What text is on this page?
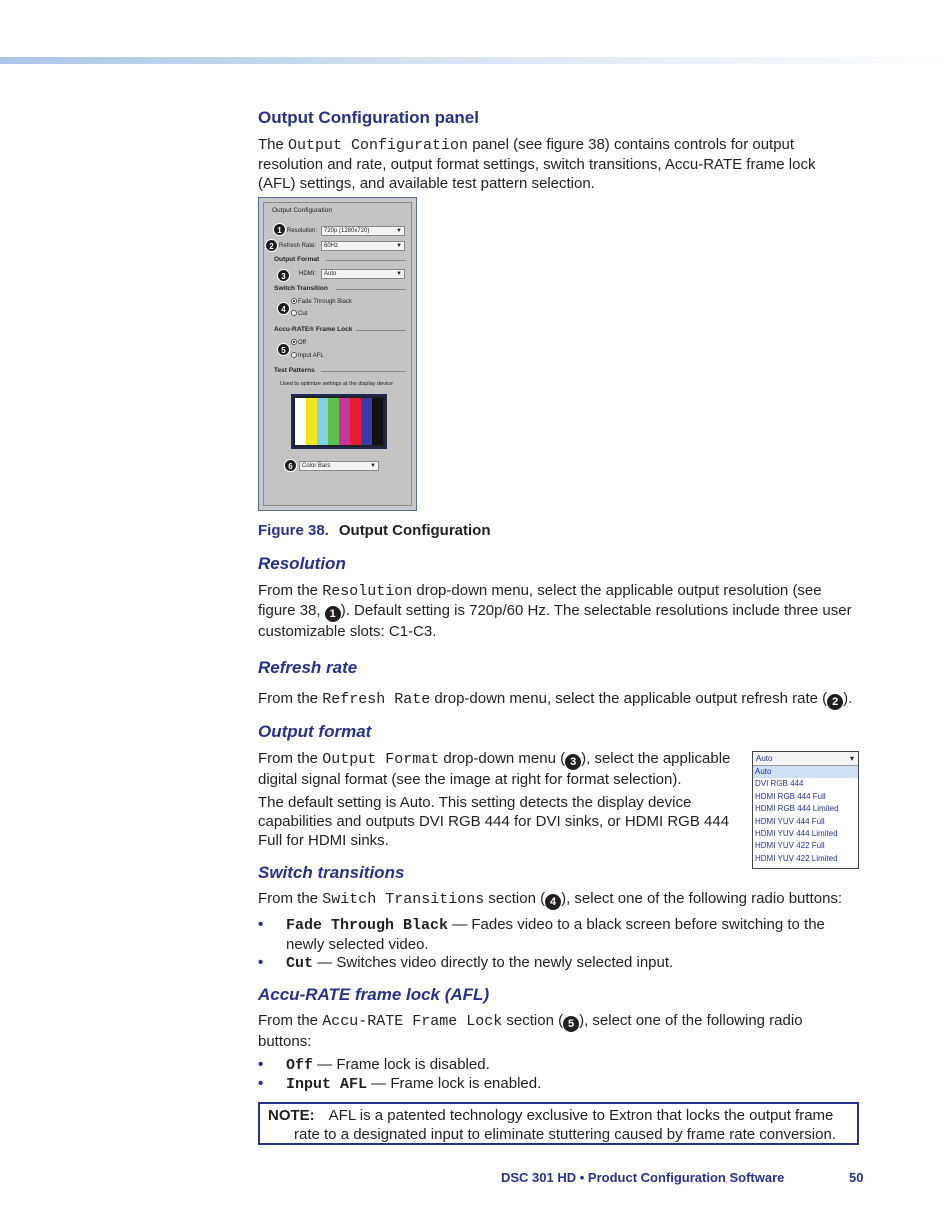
Output Configuration panel
The Output Configuration panel (see figure 38) contains controls for output
resolution and rate, output format settings, switch transitions, Accu-RATE frame lock
(AFL) settings, and available test pattern selection.
Output Configuration
1 Resolution:	720p (1280x720)	▼
2 Refresh Rate:	60Hz	▼
Output Format
3	HDMI:	Auto	▼
Switch Transition
4
Fade Through Black
Cut
Accu-RATE® Frame Lock
5
Off
Input AFL
Test Patterns
Used to optimize settings at the display device
6	Color Bars	▼
Figure 38. Output Configuration
Resolution
From the Resolution drop-down menu, select the applicable output resolution (see
figure 38, 1 ). Default setting is 720p/60 Hz. The selectable resolutions include three user
customizable slots: C1-C3.
Refresh rate
From the Refresh Rate drop-down menu, select the applicable output refresh rate ( 2 ).
Output format
From the Output Format drop-down menu ( 3 ), select the applicable
digital signal format (see the image at right for format selection).
The default setting is Auto. This setting detects the display device
capabilities and outputs DVI RGB 444 for DVI sinks, or HDMI RGB 444
Full for HDMI sinks.
Auto	▾
Auto
DVI RGB 444
HDMI RGB 444 Full
HDMI RGB 444 Limited
HDMI YUV 444 Full
HDMI YUV 444 Limited
HDMI YUV 422 Full
HDMI YUV 422 Limited
Switch transitions
From the Switch Transitions section ( 4 ), select one of the following radio buttons:
• Fade Through Black — Fades video to a black screen before switching to the
newly selected video.
• Cut — Switches video directly to the newly selected input.
Accu-RATE frame lock (AFL)
From the Accu-RATE Frame Lock section ( 5 ), select one of the following radio
buttons:
• Off — Frame lock is disabled.
• Input AFL — Frame lock is enabled.
NOTE: AFL is a patented technology exclusive to Extron that locks the output frame
rate to a designated input to eliminate stuttering caused by frame rate conversion.
DSC 301 HD • Product Configuration Software	50
